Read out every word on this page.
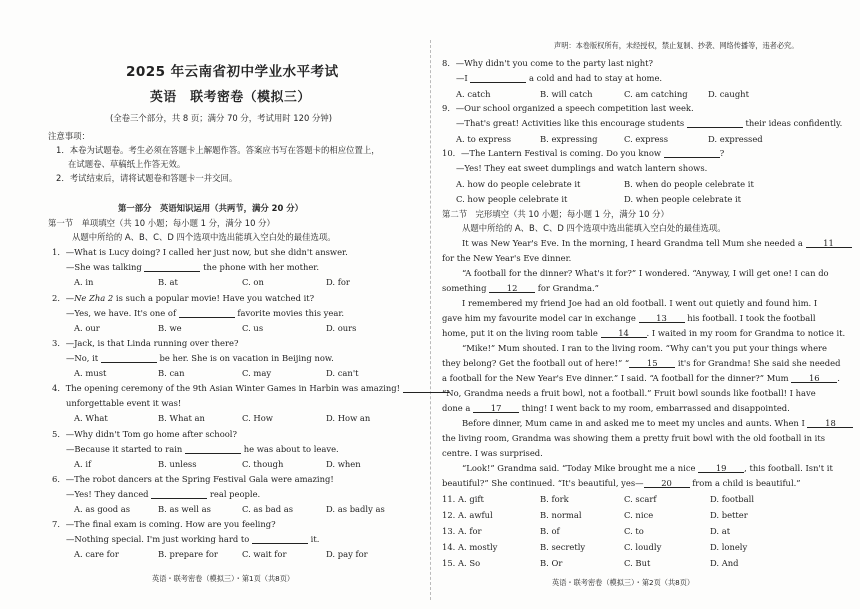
声明：本卷版权所有，未经授权，禁止复制、抄袭、网络传播等，违者必究。
2025 年云南省初中学业水平考试
英语　联考密卷（模拟三）
(全卷三个部分，共 8 页；满分 70 分，考试用时 120 分钟)
注意事项：
1．本卷为试题卷。考生必须在答题卡上解题作答。答案应书写在答题卡的相应位置上，
在试题卷、草稿纸上作答无效。
2．考试结束后，请将试题卷和答题卡一并交回。
第一部分　英语知识运用（共两节，满分 20 分）
第一节　单项填空（共 10 小题；每小题 1 分，满分 10 分）
从题中所给的 A、B、C、D 四个选项中选出能填入空白处的最佳选项。
1．—What is Lucy doing? I called her just now, but she didn't answer.
—She was talking	the phone with her mother.
A. in	B. at	C. on	D. for
2．—Ne Zha 2 is such a popular movie! Have you watched it?
—Yes, we have. It's one of	favorite movies this year.
A. our	B. we	C. us	D. ours
3．—Jack, is that Linda running over there?
—No, it	be her. She is on vacation in Beijing now.
A. must	B. can	C. may	D. can't
4．The opening ceremony of the 9th Asian Winter Games in Harbin was amazing!
unforgettable event it was!
A. What	B. What an	C. How	D. How an
5．—Why didn't Tom go home after school?
—Because it started to rain	he was about to leave.
A. if	B. unless	C. though	D. when
6．—The robot dancers at the Spring Festival Gala were amazing!
—Yes! They danced	real people.
A. as good as	B. as well as	C. as bad as	D. as badly as
7．—The final exam is coming. How are you feeling?
—Nothing special. I'm just working hard to	it.
A. care for	B. prepare for	C. wait for	D. pay for
英语・联考密卷（模拟三）・第1页（共8页）
8．—Why didn't you come to the party last night?
—I	a cold and had to stay at home.
A. catch	B. will catch	C. am catching D. caught
9．—Our school organized a speech competition last week.
—That's great! Activities like this encourage students	their ideas confidently.
A. to express	B. expressing	C. express	D. expressed
10．—The Lantern Festival is coming. Do you know	?
—Yes! They eat sweet dumplings and watch lantern shows.
A. how do people celebrate it	B. when do people celebrate it
C. how people celebrate it	D. when people celebrate it
第二节　完形填空（共 10 小题；每小题 1 分，满分 10 分）
从题中所给的 A、B、C、D 四个选项中选出能填入空白处的最佳选项。
It was New Year's Eve. In the morning, I heard Grandma tell Mum she needed a 11
for the New Year's Eve dinner.
“A football for the dinner? What's it for?” I wondered. “Anyway, I will get one! I can do
something 12 for Grandma.”
I remembered my friend Joe had an old football. I went out quietly and found him. I
gave him my favourite model car in exchange 13 his football. I took the football
home, put it on the living room table 14 . I waited in my room for Grandma to notice it.
“Mike!” Mum shouted. I ran to the living room. “Why can't you put your things where
they belong? Get the football out of here!” “ 15 it's for Grandma! She said she needed
a football for the New Year's Eve dinner.” I said. “A football for the dinner?” Mum 16 .
“No, Grandma needs a fruit bowl, not a football.” Fruit bowl sounds like football! I have
done a 17 thing! I went back to my room, embarrassed and disappointed.
Before dinner, Mum came in and asked me to meet my uncles and aunts. When I 18
the living room, Grandma was showing them a pretty fruit bowl with the old football in its
centre. I was surprised.
“Look!” Grandma said. “Today Mike brought me a nice 19 , this football. Isn't it
beautiful?” She continued. “It's beautiful, yes— 20 from a child is beautiful.”
11. A. gift	B. fork	C. scarf	D. football
12. A. awful	B. normal	C. nice	D. better
13. A. for	B. of	C. to	D. at
14. A. mostly	B. secretly	C. loudly	D. lonely
15. A. So	B. Or	C. But	D. And
英语・联考密卷（模拟三）・第2页（共8页）
